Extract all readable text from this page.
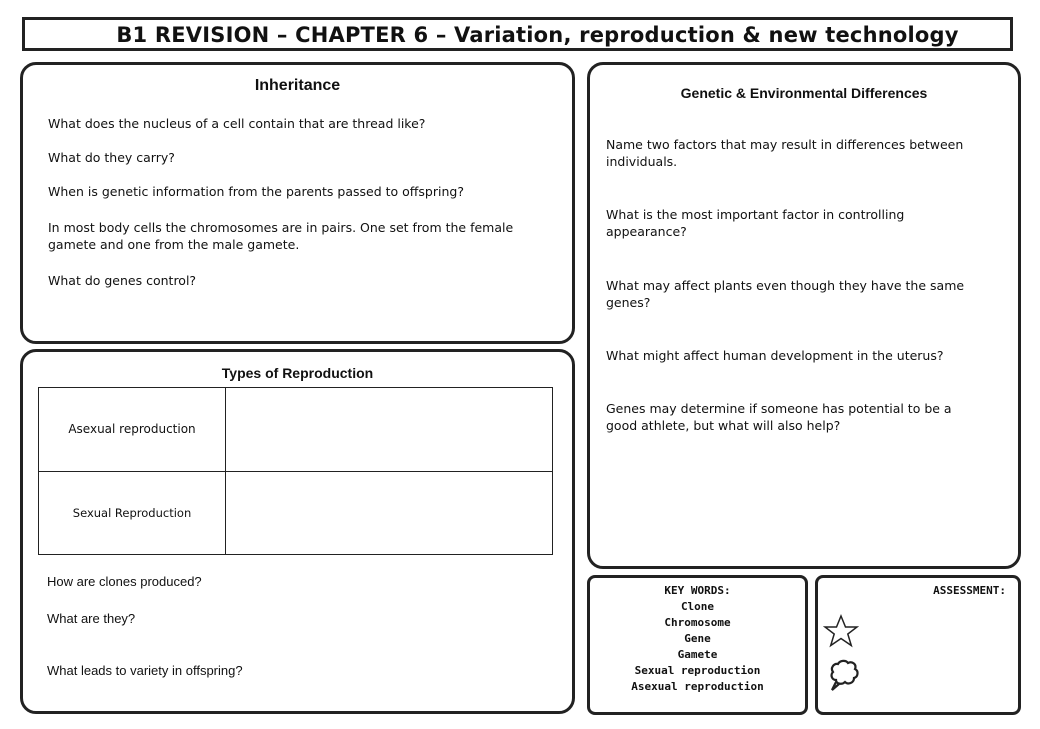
B1 REVISION – CHAPTER 6 – Variation, reproduction & new technology
Inheritance
What does the nucleus of a cell contain that are thread like?
What do they carry?
When is genetic information from the parents passed to offspring?
In most body cells the chromosomes are in pairs. One set from the female gamete and one from the male gamete.
What do genes control?
Genetic & Environmental Differences
Name two factors that may result in differences between individuals.
What is the most important factor in controlling appearance?
What may affect plants even though they have the same genes?
What might affect human development in the uterus?
Genes may determine if someone has potential to be a good athlete, but what will also help?
Types of Reproduction
Asexual reproduction	
Sexual Reproduction	
How are clones produced?
What are they?
What leads to variety in offspring?
KEY WORDS:
Clone
Chromosome
Gene
Gamete
Sexual reproduction
Asexual reproduction
ASSESSMENT:
